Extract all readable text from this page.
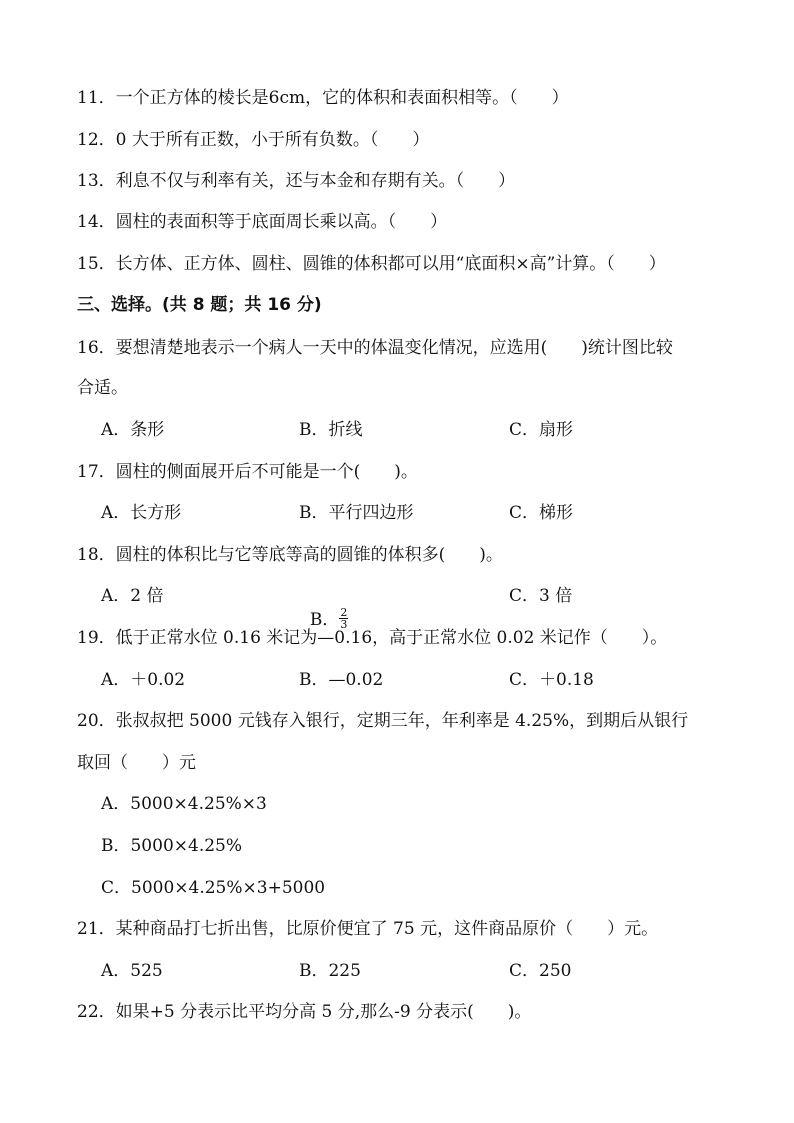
11．一个正方体的棱长是6cm，它的体积和表面积相等。（　　）
12．0 大于所有正数，小于所有负数。（　　）
13．利息不仅与利率有关，还与本金和存期有关。（　　）
14．圆柱的表面积等于底面周长乘以高。（　　）
15．长方体、正方体、圆柱、圆锥的体积都可以用“底面积×高”计算。（　　）
三、选择。(共 8 题；共 16 分)
16．要想清楚地表示一个病人一天中的体温变化情况，应选用(　　)统计图比较
合适。
A．条形	B．折线	C．扇形
17．圆柱的侧面展开后不可能是一个(　　)。
A．长方形	B．平行四边形	C．梯形
18．圆柱的体积比与它等底等高的圆锥的体积多(　　)。
A．2 倍

B． $\frac{2}{3}$

C．3 倍
19．低于正常水位 0.16 米记为—0.16，高于正常水位 0.02 米记作（　　）。
A．＋0.02	B．—0.02	C．＋0.18
20．张叔叔把 5000 元钱存入银行，定期三年，年利率是 4.25%，到期后从银行
取回（　　）元
A．5000×4.25%×3
B．5000×4.25%
C．5000×4.25%×3+5000
21．某种商品打七折出售，比原价便宜了 75 元，这件商品原价（　　）元。
A．525	B．225	C．250
22．如果+5 分表示比平均分高 5 分,那么-9 分表示(　　)。
